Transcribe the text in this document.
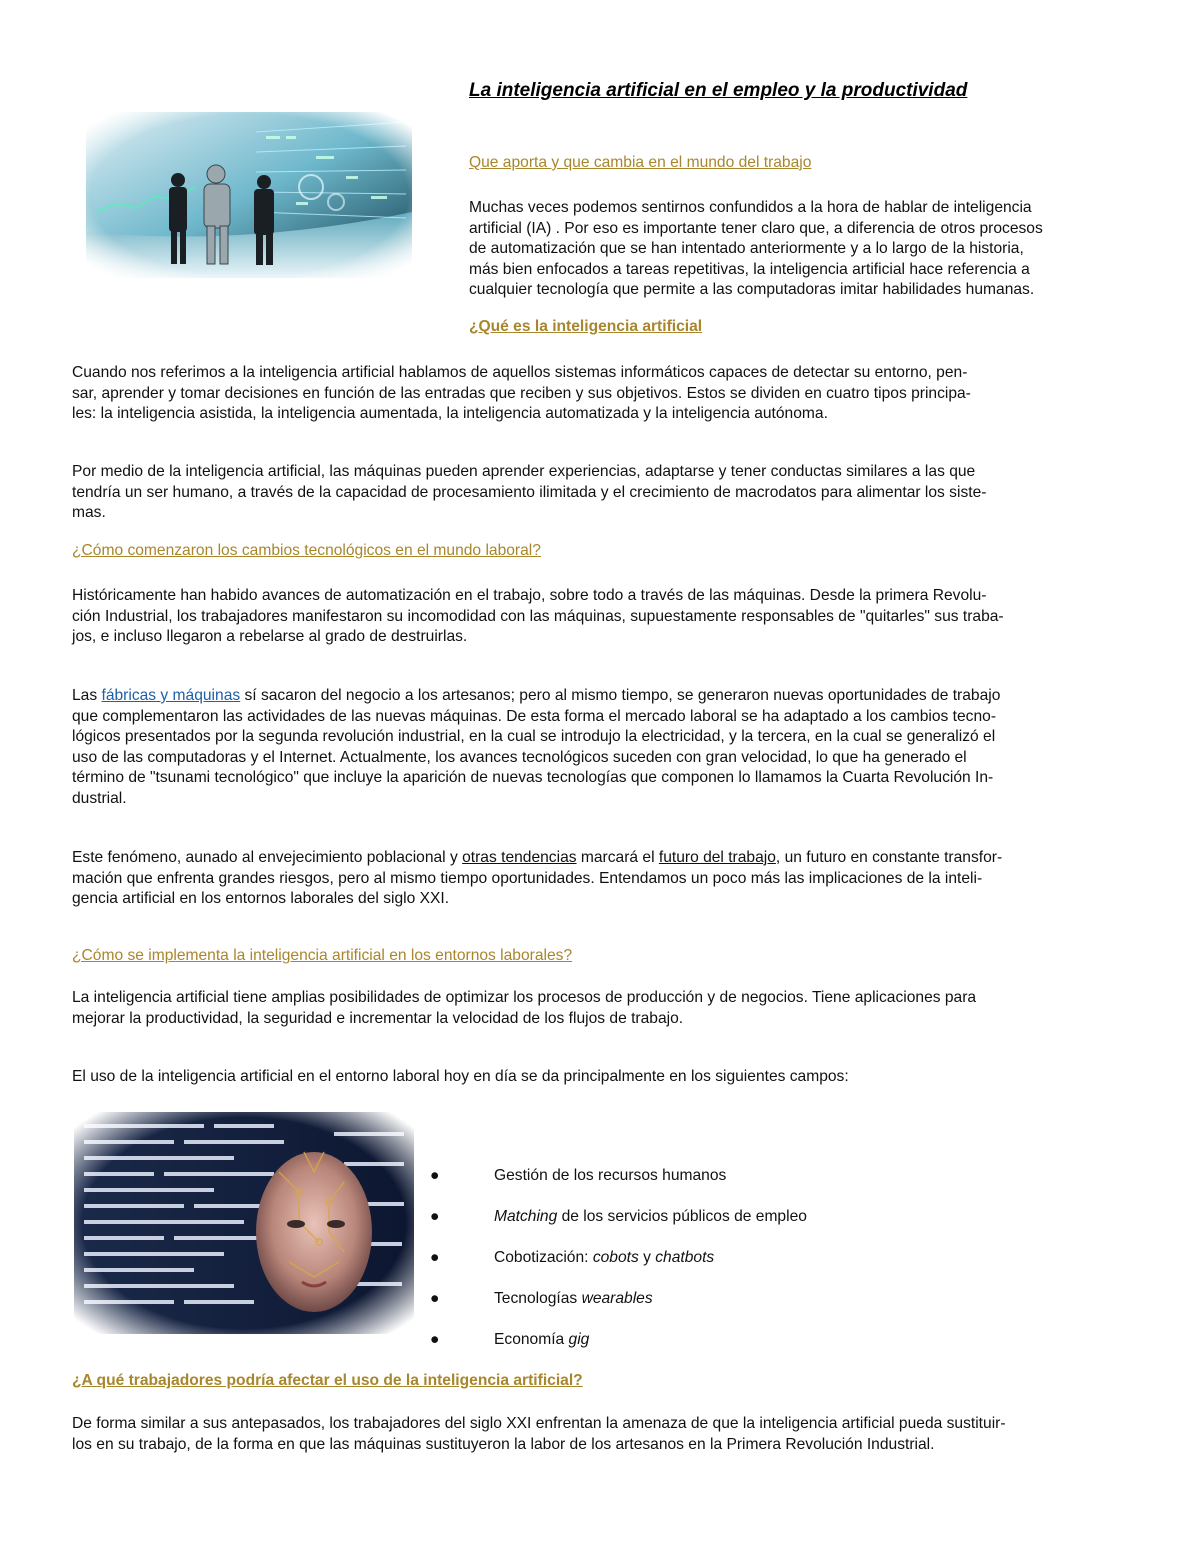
La inteligencia artificial en el empleo y la productividad
Que aporta y que cambia en el mundo del trabajo
Muchas veces podemos sentirnos confundidos a la hora de hablar de inteligencia
artificial (IA) . Por eso es importante tener claro que, a diferencia de otros procesos
de automatización que se han intentado anteriormente y a lo largo de la historia,
más bien enfocados a tareas repetitivas, la inteligencia artificial hace referencia a
cualquier tecnología que permite a las computadoras imitar habilidades humanas.
¿Qué es la inteligencia artificial
Cuando nos referimos a la inteligencia artificial hablamos de aquellos sistemas informáticos capaces de detectar su entorno, pen-
sar, aprender y tomar decisiones en función de las entradas que reciben y sus objetivos. Estos se dividen en cuatro tipos principa-
les: la inteligencia asistida, la inteligencia aumentada, la inteligencia automatizada y la inteligencia autónoma.
Por medio de la inteligencia artificial, las máquinas pueden aprender experiencias, adaptarse y tener conductas similares a las que
tendría un ser humano, a través de la capacidad de procesamiento ilimitada y el crecimiento de macrodatos para alimentar los siste-
mas.
¿Cómo comenzaron los cambios tecnológicos en el mundo laboral?
Históricamente han habido avances de automatización en el trabajo, sobre todo a través de las máquinas. Desde la primera Revolu-
ción Industrial, los trabajadores manifestaron su incomodidad con las máquinas, supuestamente responsables de "quitarles" sus traba-
jos, e incluso llegaron a rebelarse al grado de destruirlas.
Las fábricas y máquinas sí sacaron del negocio a los artesanos; pero al mismo tiempo, se generaron nuevas oportunidades de trabajo
que complementaron las actividades de las nuevas máquinas. De esta forma el mercado laboral se ha adaptado a los cambios tecno-
lógicos presentados por la segunda revolución industrial, en la cual se introdujo la electricidad, y la tercera, en la cual se generalizó el
uso de las computadoras y el Internet. Actualmente, los avances tecnológicos suceden con gran velocidad, lo que ha generado el
término de "tsunami tecnológico" que incluye la aparición de nuevas tecnologías que componen lo llamamos la Cuarta Revolución In-
dustrial.
Este fenómeno, aunado al envejecimiento poblacional y otras tendencias marcará el futuro del trabajo, un futuro en constante transfor-
mación que enfrenta grandes riesgos, pero al mismo tiempo oportunidades. Entendamos un poco más las implicaciones de la inteli-
gencia artificial en los entornos laborales del siglo XXI.
¿Cómo se implementa la inteligencia artificial en los entornos laborales?
La inteligencia artificial tiene amplias posibilidades de optimizar los procesos de producción y de negocios. Tiene aplicaciones para
mejorar la productividad, la seguridad e incrementar la velocidad de los flujos de trabajo.
El uso de la inteligencia artificial en el entorno laboral hoy en día se da principalmente en los siguientes campos:
●	Gestión de los recursos humanos
●	Matching de los servicios públicos de empleo
●	Cobotización: cobots y chatbots
●	Tecnologías wearables
●	Economía gig
¿A qué trabajadores podría afectar el uso de la inteligencia artificial?
De forma similar a sus antepasados, los trabajadores del siglo XXI enfrentan la amenaza de que la inteligencia artificial pueda sustituir-
los en su trabajo, de la forma en que las máquinas sustituyeron la labor de los artesanos en la Primera Revolución Industrial.
